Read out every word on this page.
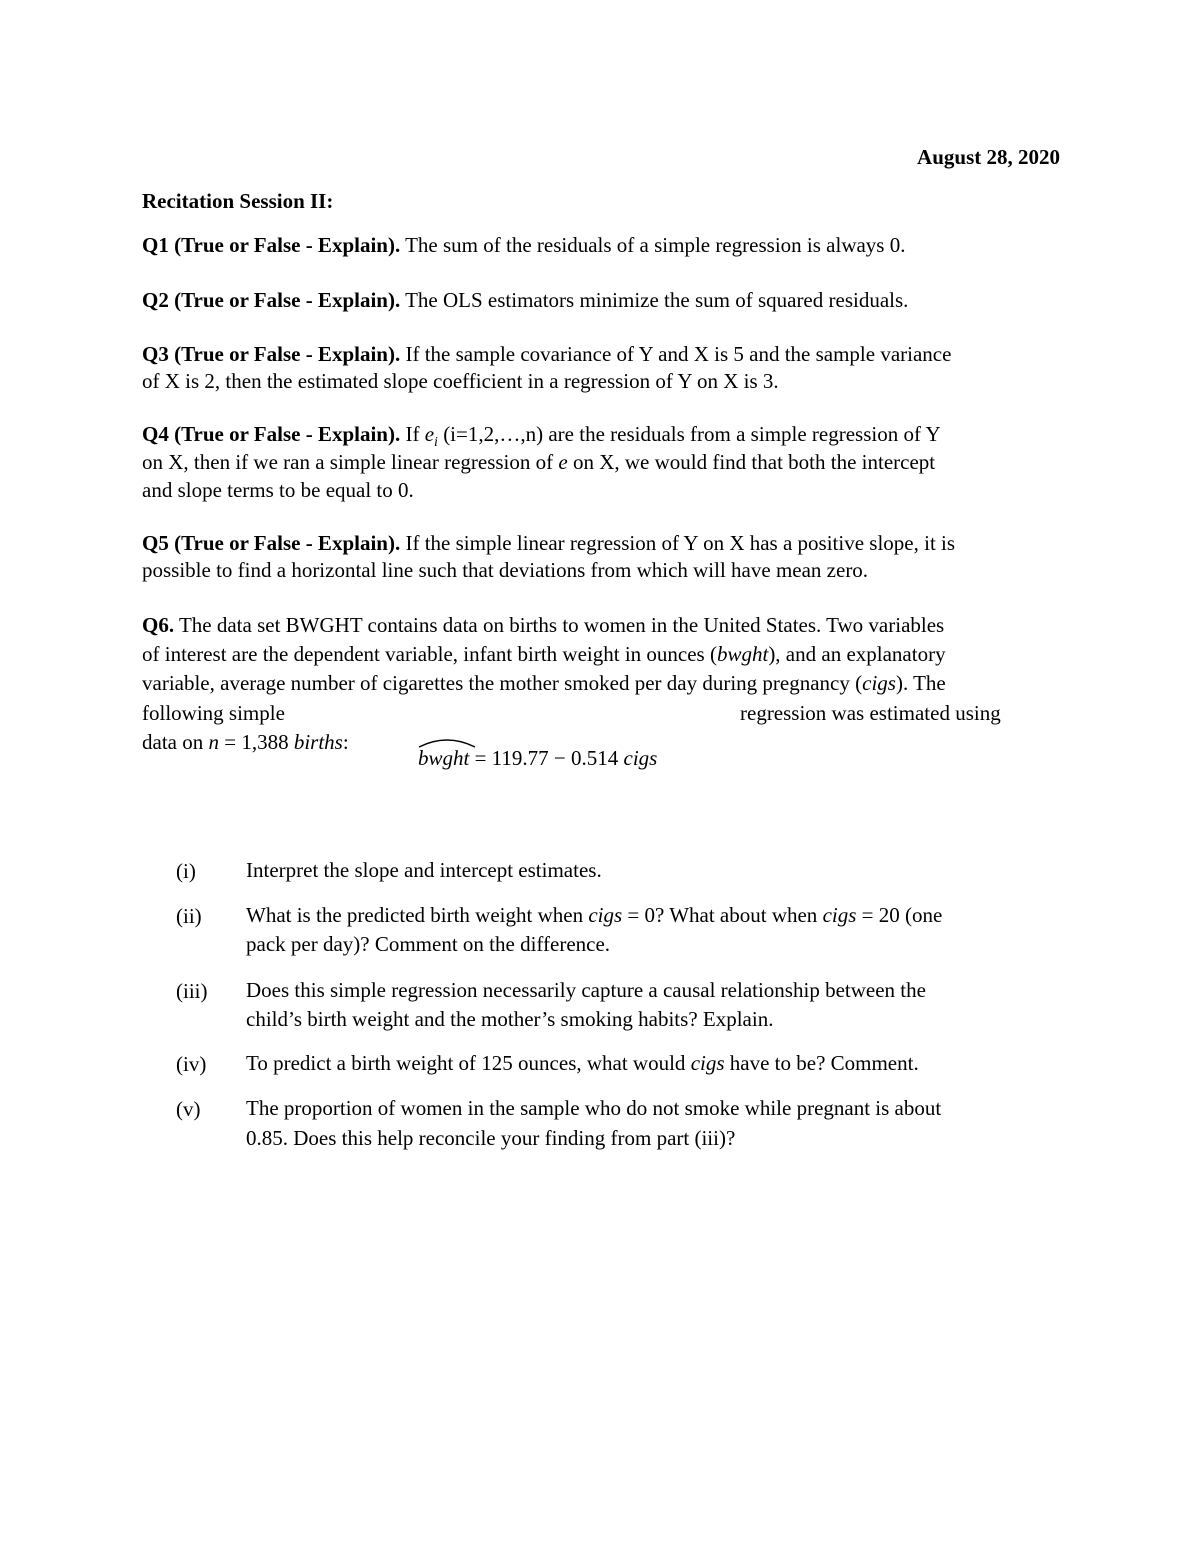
August 28, 2020
Recitation Session II:
Q1 (True or False - Explain). The sum of the residuals of a simple regression is always 0.
Q2 (True or False - Explain). The OLS estimators minimize the sum of squared residuals.
Q3 (True or False - Explain). If the sample covariance of Y and X is 5 and the sample variance
of X is 2, then the estimated slope coefficient in a regression of Y on X is 3.
Q4 (True or False - Explain). If $e_i$ (i=1,2,…,n) are the residuals from a simple regression of Y
on X, then if we ran a simple linear regression of e on X, we would find that both the intercept
and slope terms to be equal to 0.
Q5 (True or False - Explain). If the simple linear regression of Y on X has a positive slope, it is
possible to find a horizontal line such that deviations from which will have mean zero.
Q6. The data set BWGHT contains data on births to women in the United States. Two variables
of interest are the dependent variable, infant birth weight in ounces (bwght), and an explanatory
variable, average number of cigarettes the mother smoked per day during pregnancy (cigs). The
following simple	regression was estimated using
data on n = 1,388 births:
bwght = 119.77 − 0.514 cigs
(i) Interpret the slope and intercept estimates.
(ii) What is the predicted birth weight when cigs = 0? What about when cigs = 20 (one
pack per day)? Comment on the difference.
(iii) Does this simple regression necessarily capture a causal relationship between the
child’s birth weight and the mother’s smoking habits? Explain.
(iv) To predict a birth weight of 125 ounces, what would cigs have to be? Comment.
(v) The proportion of women in the sample who do not smoke while pregnant is about
0.85. Does this help reconcile your finding from part (iii)?
